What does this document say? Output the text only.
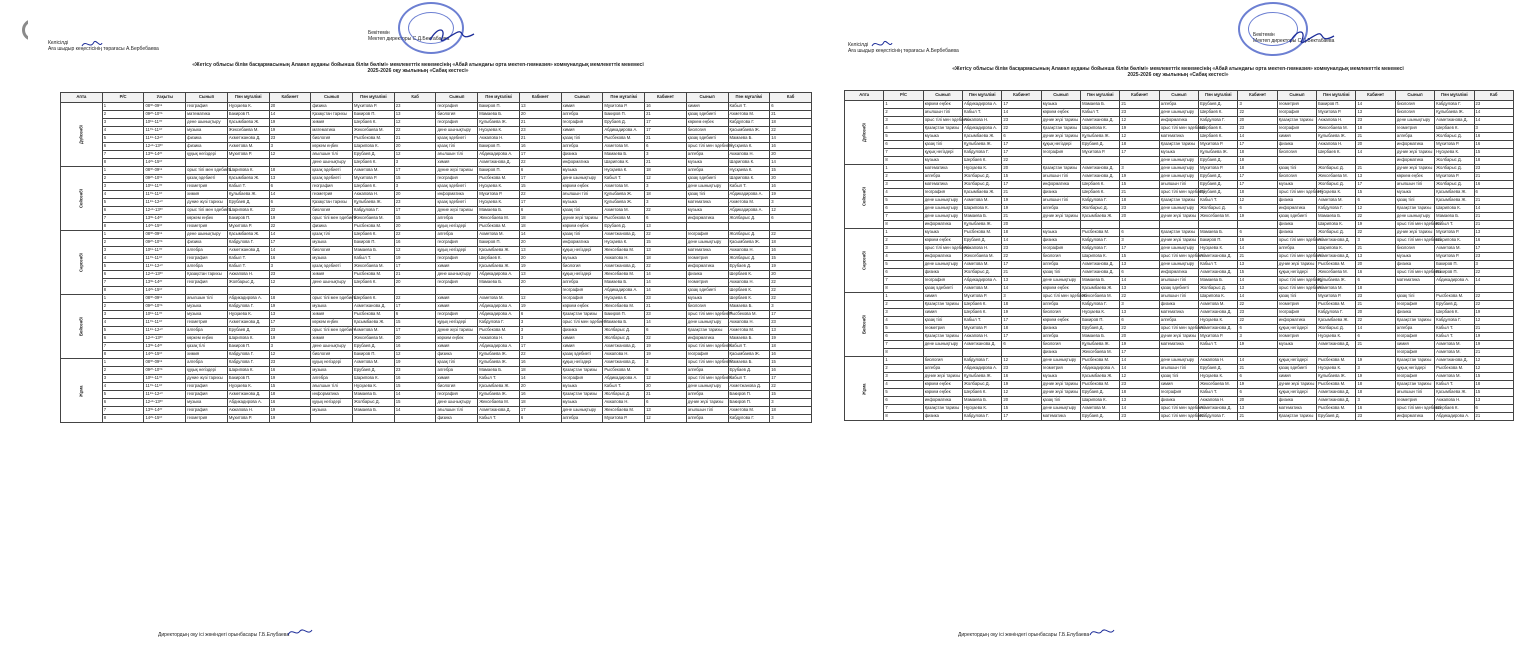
Келісілді
Аға шыдыр кеңесгісінің төрағасы А.Бербебаева
Бекітемін
Мектеп директоры С.Д.Бектабаева
«Жетісу облысы білім басқармасының Алакөл ауданы бойынша білім бөлімі» мемлекеттік мекемесінің «Абай атындағы орта мектеп-гимназия» коммуналдық мемлекеттік мекемесі
2025-2026 оқу жылының «Сабақ кестесі»
Апта	Р/С	Уақыты	Сынып	Пән мұғалімі	Кабинет	Сынып	Пән мұғалімі	Каб	Сынып	Пән мұғалімі	Кабинет	Сынып	Пән мұғалімі	Кабинет	Сынып	Пән мұғалімі	Каб
Дүйсенбі	1	08³⁰-09¹⁵	география	Нұсқаева К.	20	физика	Мұхитова Р.	23	география	Бакиров П.	13	химия	Мұхитова Р.	16	химия	Кабыл Т.	6
	2	09²⁰-10⁰⁵	математика	Бакиров П.	14	Қазақстан тарихы	Бакиров П.	13	биология	Мамаева Б.	20	алгебра	Бакиров П.	21	қазақ әдебиеті	Ахметова М.	21
	3	10¹⁵-11⁰⁰	дене шынықтыру	Қасымбаева Ж.	19	химия	Шербаев К.	12	география	Құлыбаева Ж.	21	география	Ерубаев Д.	17	көркем еңбек	Кабдулова Г.	18
	4	11⁰⁵-11⁵⁰	музыка	Жексебаева М.	19	математика	Жексебаева М.	22	дене шынықтыру	Нұсқаева К.	23	химия	Абдикадирова А.	17	биология	Қасымбаева Ж.	22
	5	11⁵⁵-12⁴⁰	физика	Ахметжанова Д.	23	биология	Рысбекова М.	21	қазақ әдебиеті	Акжапова Н.	21	қазақ тілі	Рысбекова М.	21	қазақ әдебиеті	Мамаева Б.	14
	6	12⁴⁵-13³⁰	физика	Ахметова М.	3	көркем еңбек	Шарипова К.	20	қазақ тілі	Бакиров П.	16	алгебра	Ахметова М.	6	орыс тілі мен әдебиеті	Нұсқаева К.	16
	7	13³⁵-14²⁰	құқық негіздері	Мұхитова Р.	12	ағылшын тілі	Ерубаев Д.	12	ағылшын тілі	Абдикадирова А.	17	физика	Мамаева Б.	3	алгебра	Акжапова Н.	20
	8	14²⁵-15¹⁰				дене шынықтыру	Шербаев К.	3	химия	Ахметжанова Д.	22	информатика	Шарипова К.	21	музыка	Шарипова К.	14
Сейсенбі	1	08³⁰-09¹⁵	орыс тілі мен әдебиеті	Шарипова К.	18	қазақ әдебиеті	Ахметова М.	17	дүние жүзі тарихы	Бакиров П.	6	музыка	Нұсқаева К.	18	алгебра	Нұсқаева К.	15
	2	09²⁰-10⁰⁵	қазақ әдебиеті	Қасымбаева Ж.	13	қазақ әдебиеті	Мұхитова Р.	15	география	Рысбекова М.	17	дене шынықтыру	Кабыл Т.	12	қазақ әдебиеті	Шарипова К.	20
	3	10¹⁵-11⁰⁰	геометрия	Кабыл Т.	6	география	Шербаев К.	3	қазақ әдебиеті	Нұсқаева К.	15	көркем еңбек	Ахметова М.	3	дене шынықтыру	Кабыл Т.	16
	4	11⁰⁵-11⁵⁰	химия	Құлыбаева Ж.	14	геометрия	Акжапова Н.	20	информатика	Мұхитова Р.	22	ағылшын тілі	Құлыбаева Ж.	18	қазақ тілі	Абдикадирова А.	19
	5	11⁵⁵-12⁴⁰	дүние жүзі тарихы	Ерубаев Д.	6	Қазақстан тарихы	Құлыбаева Ж.	23	қазақ әдебиеті	Нұсқаева К.	17	музыка	Құлыбаева Ж.	3	математика	Ахметова М.	3
	6	12⁴⁵-13³⁰	орыс тілі мен әдебиеті	Шарипова К.	22	биология	Кабдулова Г.	17	дүние жүзі тарихы	Мамаева Б.	6	қазақ тілі	Ахметова М.	22	музыка	Абдикадирова А.	12
	7	13³⁵-14²⁰	көркем еңбек	Бакиров П.	19	орыс тілі мен әдебиеті	Жексебаева М.	15	алгебра	Жексебаева М.	18	дүние жүзі тарихы	Рысбекова М.	6	информатика	Жолбарыс Д.	6
	8	14²⁵-15¹⁰	геометрия	Мұхитова Р.	22	физика	Рысбекова М.	20	құқық негіздері	Рысбекова М.	18	көркем еңбек	Ерубаев Д.	13			
Сәрсенбі	1	08³⁰-09¹⁵	дене шынықтыру	Қасымбаева Ж.	14	қазақ тілі	Шербаев К.	22	алгебра	Ахметова М.	14	қазақ тілі	Ахметжанова Д.	22	география	Жолбарыс Д.	22
	2	09²⁰-10⁰⁵	физика	Кабдулова Г.	17	музыка	Бакиров П.	16	география	Бакиров П.	20	информатика	Нұсқаева К.	15	дене шынықтыру	Қасымбаева Ж.	18
	3	10¹⁵-11⁰⁰	алгебра	Ахметжанова Д.	14	биология	Мамаева Б.	12	құқық негіздері	Қасымбаева Ж.	13	құқық негіздері	Жексебаева М.	13	математика	Акжапова Н.	16
	4	11⁰⁵-11⁵⁰	география	Кабыл Т.	16	музыка	Кабыл Т.	19	география	Шербаев К.	20	музыка	Акжапова Н.	18	геометрия	Жолбарыс Д.	15
	5	11⁵⁵-12⁴⁰	алгебра	Кабыл Т.	3	қазақ әдебиеті	Жексебаева М.	17	химия	Қасымбаева Ж.	19	биология	Ахметжанова Д.	22	информатика	Ерубаев Д.	19
	6	12⁴⁵-13³⁰	Қазақстан тарихы	Акжапова Н.	23	химия	Рысбекова М.	21	дене шынықтыру	Абдикадирова А.	13	құқық негіздері	Жексебаева М.	14	физика	Шербаев К.	20
	7	13³⁵-14²⁰	география	Жолбарыс Д.	12	дене шынықтыру	Шербаев К.	20	география	Мамаева Б.	20	алгебра	Мамаева Б.	14	геометрия	Акжапова Н.	22
	8	14²⁵-15¹⁰										география	Абдикадирова А.	14	қазақ әдебиеті	Шербаев К.	22
Бейсенбі	1	08³⁰-09¹⁵	ағылшын тілі	Абдикадирова А.	18	орыс тілі мен әдебиеті	Шербаев К.	22	химия	Ахметова М.	12	география	Нұсқаева К.	23	музыка	Шербаев К.	22
	2	09²⁰-10⁰⁵	музыка	Кабдулова Г.	19	музыка	Ахметжанова Д.	17	химия	Абдикадирова А.	19	көркем еңбек	Жексебаева М.	21	биология	Мамаева Б.	3
	3	10¹⁵-11⁰⁰	музыка	Нұсқаева К.	13	химия	Рысбекова М.	6	география	Абдикадирова А.	6	Қазақстан тарихы	Бакиров П.	23	орыс тілі мен әдебиеті	Рысбекова М.	17
	4	11⁰⁵-11⁵⁰	геометрия	Ахметжанова Д.	17	көркем еңбек	Қасымбаева Ж.	15	құқық негіздері	Кабдулова Г.	3	орыс тілі мен әдебиеті	Мамаева Б.	14	дене шынықтыру	Акжапова Н.	23
	5	11⁵⁵-12⁴⁰	алгебра	Ерубаев Д.	23	орыс тілі мен әдебиеті	Ахметова М.	17	дүние жүзі тарихы	Рысбекова М.	3	физика	Жолбарыс Д.	6	Қазақстан тарихы	Ахметова М.	13
	6	12⁴⁵-13³⁰	көркем еңбек	Шарипова К.	19	химия	Жексебаева М.	20	көркем еңбек	Акжапова Н.	3	химия	Жолбарыс Д.	22	информатика	Мамаева Б.	19
	7	13³⁵-14²⁰	қазақ тілі	Бакиров П.	3	дене шынықтыру	Ерубаев Д.	16	химия	Абдикадирова А.	17	химия	Ахметжанова Д.	19	орыс тілі мен әдебиеті	Кабыл Т.	18
	8	14²⁵-15¹⁰	химия	Кабдулова Г.	12	биология	Бакиров П.	12	физика	Құлыбаева Ж.	22	қазақ әдебиеті	Акжапова Н.	19	география	Қасымбаева Ж.	16
Жұма	1	08³⁰-09¹⁵	алгебра	Кабдулова Г.	23	құқық негіздері	Ахметова М.	19	қазақ тілі	Құлыбаева Ж.	16	құқық негіздері	Ахметжанова Д.	3	орыс тілі мен әдебиеті	Мамаева Б.	15
	2	09²⁰-10⁰⁵	құқық негіздері	Шарипова К.	16	музыка	Ерубаев Д.	23	алгебра	Мамаева Б.	18	Қазақстан тарихы	Рысбекова М.	6	алгебра	Ерубаев Д.	16
	3	10¹⁵-11⁰⁰	дүние жүзі тарихы	Бакиров П.	19	алгебра	Шарипова К.	16	химия	Кабыл Т.	14	география	Абдикадирова А.	12	орыс тілі мен әдебиеті	Кабыл Т.	17
	4	11⁰⁵-11⁵⁰	география	Нұсқаева К.	15	ағылшын тілі	Нұсқаева К.	15	биология	Қасымбаева Ж.	20	музыка	Кабыл Т.	20	дене шынықтыру	Ахметжанова Д.	22
	5	11⁵⁵-12⁴⁰	география	Ахметжанова Д.	18	информатика	Мамаева Б.	14	география	Құлыбаева Ж.	16	Қазақстан тарихы	Жолбарыс Д.	21	алгебра	Бакиров П.	15
	6	12⁴⁵-13³⁰	музыка	Абдикадирова А.	16	құқық негіздері	Жолбарыс Д.	15	дене шынықтыру	Жексебаева М.	18	музыка	Акжапова Н.	6	дүние жүзі тарихы	Бакиров П.	3
	7	13³⁵-14²⁰	география	Акжапова Н.	19	музыка	Мамаева Б.	14	ағылшын тілі	Ахметжанова Д.	17	дене шынықтыру	Жексебаева М.	13	ағылшын тілі	Ахметова М.	18
	8	14²⁵-15¹⁰	геометрия	Мұхитова Р.	19				физика	Кабыл Т.	6	алгебра	Мұхитова Р.	12	алгебра	Кабдулова Г.	3
Директордың оқу ісі жөніндегі орынбасары Г.Б.Елубаева
Келісілді
Аға шыдыр кеңесгісінің төрағасы А.Бербебаева
Бекітемін
Мектеп директоры С.Д.Бектабаева
«Жетісу облысы білім басқармасының Алакөл ауданы бойынша білім бөлімі» мемлекеттік мекемесінің «Абай атындағы орта мектеп-гимназия» коммуналдық мемлекеттік мекемесі
2025-2026 оқу жылының «Сабақ кестесі»
Апта	Р/С	Сынып	Пән мұғалімі	Кабинет	Сынып	Пән мұғалімі	Кабинет	Сынып	Пән мұғалімі	Кабинет	Сынып	Пән мұғалімі	Кабинет	Сынып	Пән мұғалімі	Каб
Дүйсенбі	1	көркем еңбек	Абдикадирова А.	17	музыка	Мамаева Б.	21	алгебра	Ерубаев Д.	3	геометрия	Бакиров П.	14	биология	Кабдулова Г.	23
	2	ағылшын тілі	Кабыл Т.	14	көркем еңбек	Кабыл Т.	23	дене шынықтыру	Шербаев К.	22	география	Мұхитова Р.	13	биология	Құлыбаева Ж.	14
	3	орыс тілі мен әдебиеті	Акжапова Н.	23	дүние жүзі тарихы	Ахметжанова Д.	12	информатика	Кабдулова Г.	20	Қазақстан тарихы	Акжапова Н.	23	дене шынықтыру	Ахметжанова Д.	14
	4	Қазақстан тарихы	Абдикадирова А.	22	Қазақстан тарихы	Шарипова К.	19	орыс тілі мен әдебиеті	Шербаев К.	23	география	Жексебаева М.	18	геометрия	Шербаев К.	3
	5	музыка	Қасымбаева Ж.	6	дүние жүзі тарихы	Құлыбаева Ж.	12	математика	Шербаев К.	14	химия	Құлыбаева Ж.	21	алгебра	Жолбарыс Д.	16
	6	қазақ тілі	Құлыбаева Ж.	17	құқық негіздері	Ерубаев Д.	18	Қазақстан тарихы	Мұхитова Р.	17	физика	Акжапова Н.	20	информатика	Мұхитова Р.	16
	7	құқық негіздері	Кабдулова Г.	17	география	Мұхитова Р.	17	музыка	Құлыбаева Ж.	18	биология	Шербаев К.	14	дүние жүзі тарихы	Нұсқаева К.	15
	8	музыка	Шербаев К.	22				дене шынықтыру	Ерубаев Д.	18				информатика	Жолбарыс Д.	18
Сейсенбі	1	математика	Нұсқаева К.	20	Қазақстан тарихы	Ахметжанова Д.	3	дене шынықтыру	Мұхитова Р.	18	қазақ тілі	Жолбарыс Д.	21	дүние жүзі тарихы	Жолбарыс Д.	23
	2	алгебра	Жолбарыс Д.	15	ағылшын тілі	Ахметжанова Д.	19	дене шынықтыру	Ерубаев Д.	17	биология	Жексебаева М.	13	көркем еңбек	Мұхитова Р.	21
	3	математика	Жолбарыс Д.	17	информатика	Шербаев К.	15	ағылшын тілі	Ерубаев Д.	17	музыка	Жолбарыс Д.	17	ағылшын тілі	Жолбарыс Д.	16
	4	география	Қасымбаева Ж.	21	физика	Шербаев К.	21	орыс тілі мен әдебиеті	Ерубаев Д.	18	орыс тілі мен әдебиеті	Нұсқаева К.	15	музыка	Қасымбаева Ж.	6
	5	дене шынықтыру	Ахметова М.	19	ағылшын тілі	Кабдулова Г.	18	Қазақстан тарихы	Кабыл Т.	12	физика	Ахметова М.	6	қазақ тілі	Қасымбаева Ж.	21
	6	дене шынықтыру	Шарипова К.	19	алгебра	Жолбарыс Д.	23	дене шынықтыру	Жолбарыс Д.	6	информатика	Кабдулова Г.	12	Қазақстан тарихы	Шарипова К.	14
	7	дене шынықтыру	Мамаева Б.	21	дүние жүзі тарихы	Қасымбаева Ж.	20	дүние жүзі тарихы	Жексебаева М.	19	қазақ әдебиеті	Мамаева Б.	22	дене шынықтыру	Мамаева Б.	21
	8	информатика	Құлыбаева Ж.	20							физика	Шарипова К.	19	орыс тілі мен әдебиеті	Кабыл Т.	21
Сәрсенбі	1	музыка	Рысбекова М.	18	музыка	Рысбекова М.	6	Қазақстан тарихы	Мамаева Б.	6	физика	Жолбарыс Д.	22	дүние жүзі тарихы	Мұхитова Р.	13
	2	көркем еңбек	Ерубаев Д.	14	физика	Кабдулова Г.	3	дүние жүзі тарихы	Бакиров П.	16	орыс тілі мен әдебиеті	Ахметжанова Д.	3	орыс тілі мен әдебиеті	Шарипова К.	16
	3	орыс тілі мен әдебиеті	Акжапова Н.	23	география	Кабдулова Г.	17	дене шынықтыру	Нұсқаева К.	14	алгебра	Шарипова К.	21	биология	Ахметова М.	17
	4	информатика	Жексебаева М.	22	биология	Шарипова К.	15	орыс тілі мен әдебиеті	Ахметжанова Д.	21	орыс тілі мен әдебиеті	Ахметжанова Д.	13	музыка	Мұхитова Р.	23
	5	дене шынықтыру	Ахметова М.	17	алгебра	Ахметжанова Д.	13	дене шынықтыру	Кабыл Т.	13	дүние жүзі тарихы	Рысбекова М.	20	физика	Бакиров П.	3
	6	физика	Жолбарыс Д.	21	қазақ тілі	Ахметжанова Д.	6	информатика	Ахметжанова Д.	15	құқық негіздері	Жексебаева М.	16	орыс тілі мен әдебиеті	Бакиров П.	22
	7	география	Абдикадирова А.	13	дене шынықтыру	Мамаева Б.	14	ағылшын тілі	Мамаева Б.	14	орыс тілі мен әдебиеті	Құлыбаева Ж.	6	математика	Абдикадирова А.	14
	8	қазақ әдебиеті	Ахметова М.	14	көркем еңбек	Қасымбаева Ж.	13	қазақ әдебиеті	Жолбарыс Д.	13	орыс тілі мен әдебиеті	Ахметова М.	18			
Бейсенбі	1	химия	Мұхитова Р.	3	орыс тілі мен әдебиеті	Жексебаева М.	22	ағылшын тілі	Шарипова К.	14	қазақ тілі	Мұхитова Р.	23	қазақ тілі	Рысбекова М.	22
	2	Қазақстан тарихы	Шербаев К.	18	алгебра	Кабдулова Г.	3	физика	Ахметова М.	22	геометрия	Рысбекова М.	21	география	Ерубаев Д.	22
	3	химия	Шербаев К.	19	биология	Нұсқаева К.	13	математика	Ахметжанова Д.	23	география	Кабдулова Г.	20	физика	Шербаев К.	19
	4	қазақ тілі	Кабыл Т.	17	көркем еңбек	Бакиров П.	6	алгебра	Нұсқаева К.	22	информатика	Қасымбаева Ж.	22	Қазақстан тарихы	Кабдулова Г.	12
	5	геометрия	Мұхитова Р.	18	физика	Ерубаев Д.	22	орыс тілі мен әдебиеті	Ахметжанова Д.	6	құқық негіздері	Жолбарыс Д.	14	алгебра	Кабыл Т.	21
	6	Қазақстан тарихы	Акжапова Н.	17	алгебра	Мамаева Б.	20	дүние жүзі тарихы	Мұхитова Р.	3	геометрия	Нұсқаева К.	6	география	Кабыл Т.	19
	7	дене шынықтыру	Ахметжанова Д.	6	биология	Құлыбаева Ж.	19	математика	Кабыл Т.	19	музыка	Ахметжанова Д.	21	химия	Ахметова М.	19
	8				физика	Жексебаева М.	17							география	Ахметова М.	21
Жұма	1	биология	Кабдулова Г.	12	дене шынықтыру	Рысбекова М.	14	дене шынықтыру	Акжапова Н.	14	құқық негіздері	Рысбекова М.	19	Қазақстан тарихы	Ахметжанова Д.	12
	2	алгебра	Абдикадирова А.	23	геометрия	Абдикадирова А.	14	ағылшын тілі	Ерубаев Д.	21	қазақ әдебиеті	Нұсқаева К.	3	құқық негіздері	Рысбекова М.	12
	3	дүние жүзі тарихы	Құлыбаева Ж.	16	музыка	Қасымбаева Ж.	12	қазақ тілі	Нұсқаева К.	6	химия	Құлыбаева Ж.	19	география	Ахметова М.	15
	4	көркем еңбек	Жолбарыс Д.	19	дүние жүзі тарихы	Рысбекова М.	23	химия	Жексебаева М.	19	дүние жүзі тарихы	Рысбекова М.	18	Қазақстан тарихы	Кабыл Т.	18
	5	көркем еңбек	Шербаев К.	12	дүние жүзі тарихы	Ерубаев Д.	18	география	Кабыл Т.	6	құқық негіздері	Ахметжанова Д.	18	ағылшын тілі	Қасымбаева Ж.	15
	6	информатика	Мамаева Б.	20	қазақ тілі	Шарипова К.	13	физика	Акжапова Н.	20	физика	Ахметжанова Д.	3	геометрия	Акжапова Н.	13
	7	Қазақстан тарихы	Нұсқаева К.	15	дене шынықтыру	Ахметова М.	14	орыс тілі мен әдебиеті	Ахметжанова Д.	13	математика	Рысбекова М.	16	орыс тілі мен әдебиеті	Шербаев К.	6
	8	физика	Кабдулова Г.	17	математика	Ерубаев Д.	23	орыс тілі мен әдебиеті	Кабдулова Г.	21	Қазақстан тарихы	Ерубаев Д.	23	информатика	Абдикадирова А.	21
Директордың оқу ісі жөніндегі орынбасары Г.Б.Елубаева
